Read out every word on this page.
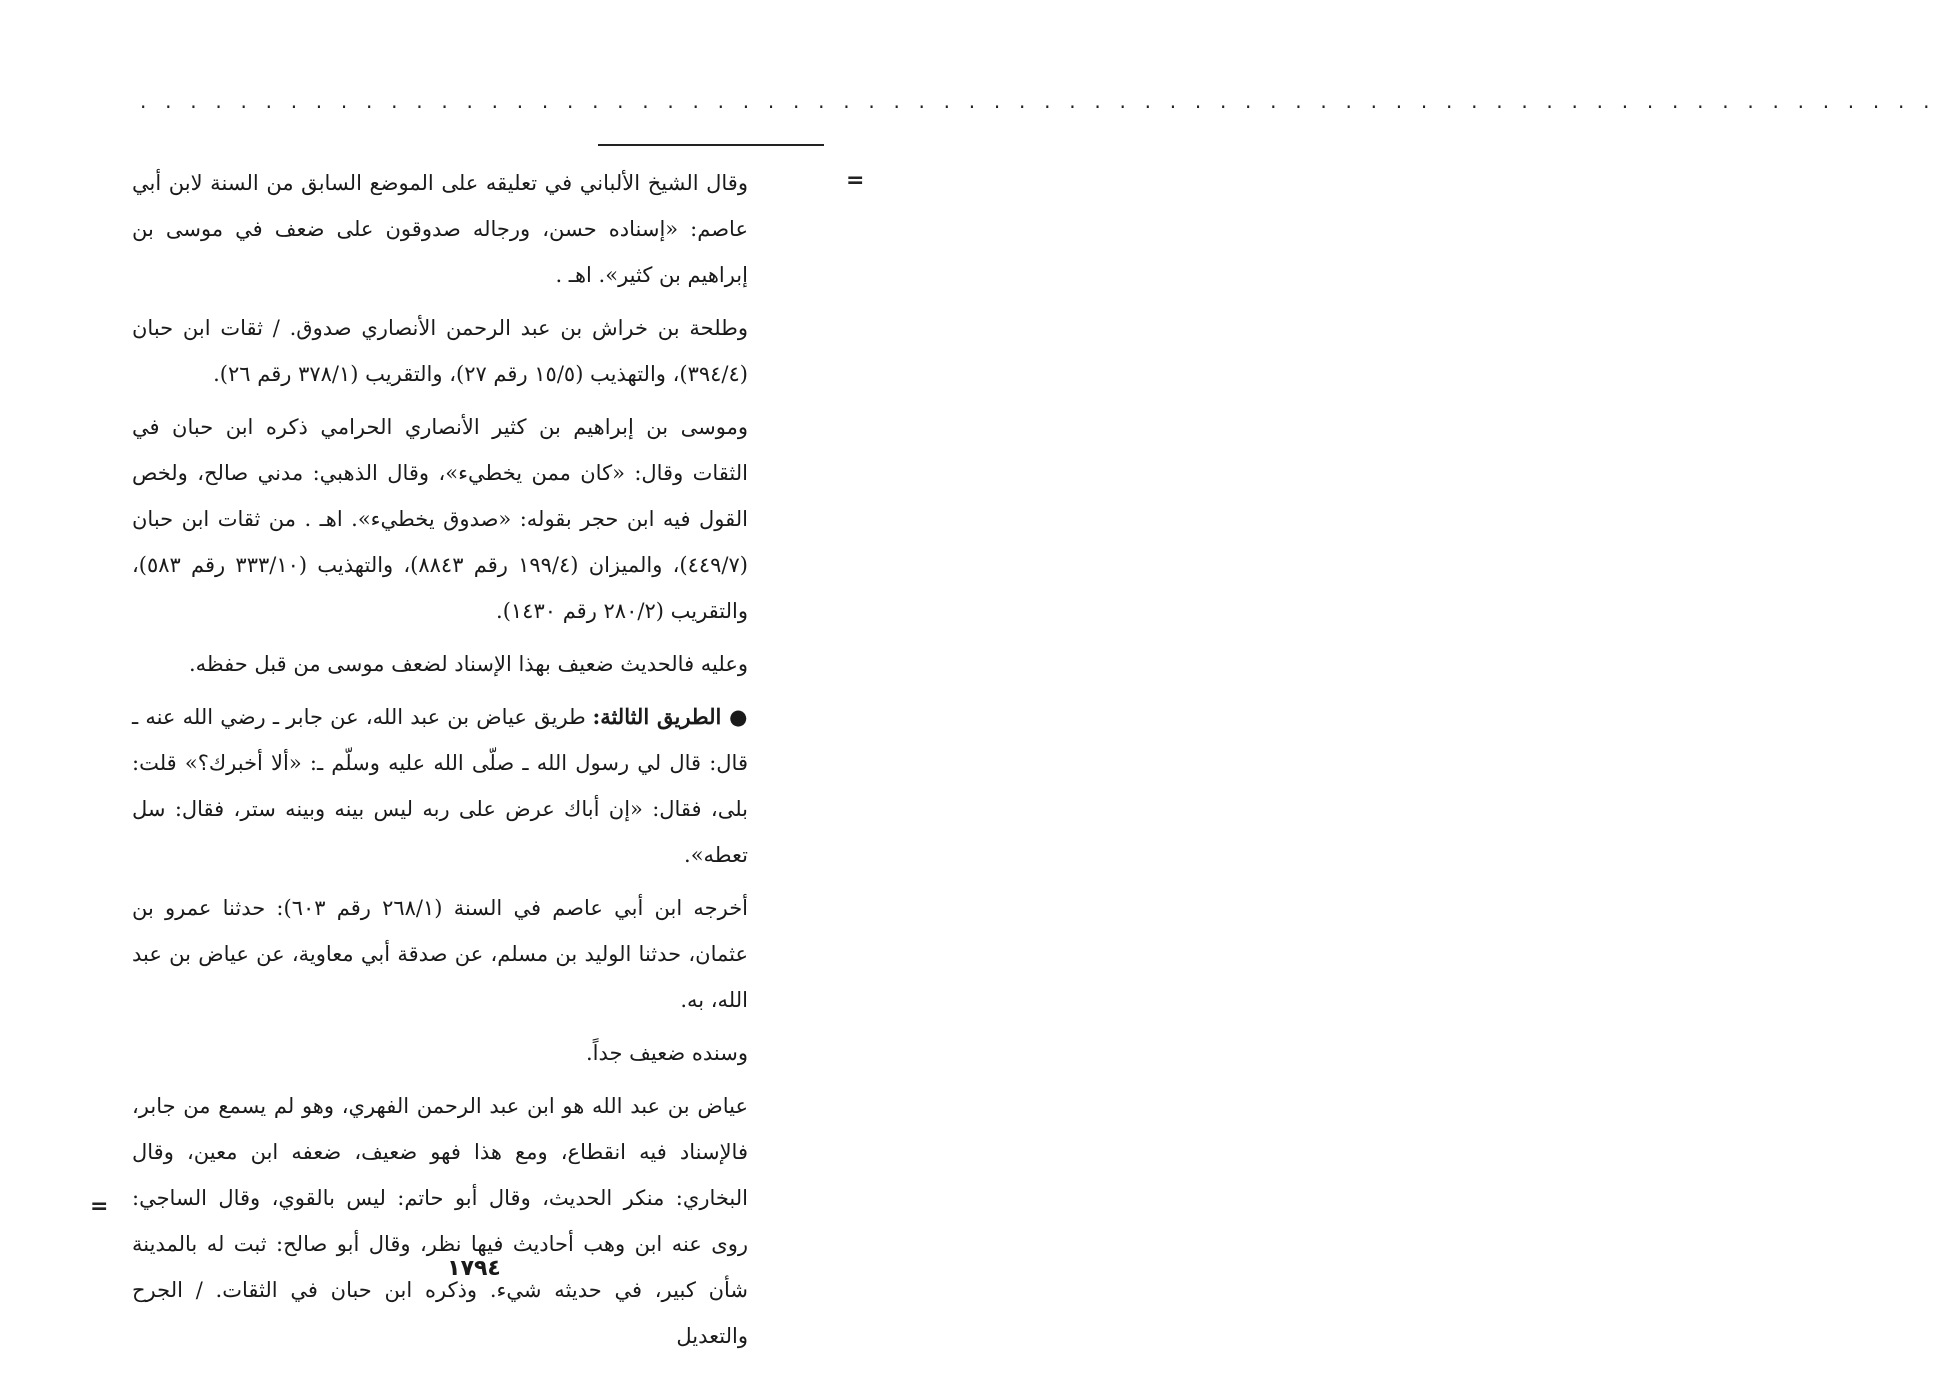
. . . . . . . . . . . . . . . . . . . . . . . . . . . . . . . . . . . . . . . . . . . . . . . . . . . . . . . . . . . . . . . . . . . . . . . .
=

وقال الشيخ الألباني في تعليقه على الموضع السابق من السنة لابن أبي عاصم: «إسناده حسن، ورجاله صدوقون على ضعف في موسى بن إبراهيم بن كثير». اهـ .

وطلحة بن خراش بن عبد الرحمن الأنصاري صدوق. / ثقات ابن حبان (٣٩٤/٤)، والتهذيب (١٥/٥ رقم ٢٧)، والتقريب (٣٧٨/١ رقم ٢٦).

وموسى بن إبراهيم بن كثير الأنصاري الحرامي ذكره ابن حبان في الثقات وقال: «كان ممن يخطيء»، وقال الذهبي: مدني صالح، ولخص القول فيه ابن حجر بقوله: «صدوق يخطيء». اهـ . من ثقات ابن حبان (٤٤٩/٧)، والميزان (١٩٩/٤ رقم ٨٨٤٣)، والتهذيب (٣٣٣/١٠ رقم ٥٨٣)، والتقريب (٢٨٠/٢ رقم ١٤٣٠).

وعليه فالحديث ضعيف بهذا الإسناد لضعف موسى من قبل حفظه.

● الطريق الثالثة: طريق عياض بن عبد الله، عن جابر ـ رضي الله عنه ـ قال: قال لي رسول الله ـ صلّى الله عليه وسلّم ـ: «ألا أخبرك؟» قلت: بلى، فقال: «إن أباك عرض على ربه ليس بينه وبينه ستر، فقال: سل تعطه».

أخرجه ابن أبي عاصم في السنة (٢٦٨/١ رقم ٦٠٣): حدثنا عمرو بن عثمان، حدثنا الوليد بن مسلم، عن صدقة أبي معاوية، عن عياض بن عبد الله، به.

وسنده ضعيف جداً.

عياض بن عبد الله هو ابن عبد الرحمن الفهري، وهو لم يسمع من جابر، فالإسناد فيه انقطاع، ومع هذا فهو ضعيف، ضعفه ابن معين، وقال البخاري: منكر الحديث، وقال أبو حاتم: ليس بالقوي، وقال الساجي: روى عنه ابن وهب أحاديث فيها نظر، وقال أبو صالح: ثبت له بالمدينة شأن كبير، في حديثه شيء. وذكره ابن حبان في الثقات. / الجرح والتعديل

=
١٧٩٤
